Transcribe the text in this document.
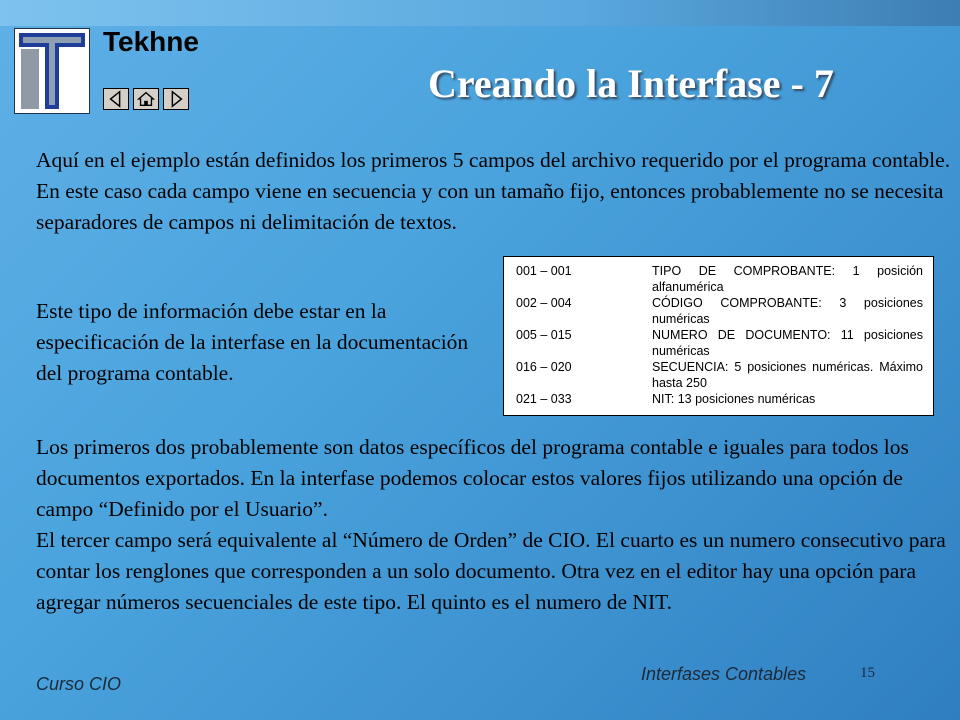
Tekhne
Creando la Interfase - 7

Aquí en el ejemplo están definidos los primeros 5 campos del archivo requerido por el programa contable. En este caso cada campo viene en secuencia y con un tamaño fijo, entonces probablemente no se necesita separadores de campos ni delimitación de textos.

Este tipo de información debe estar en la especificación de la interfase en la documentación del programa contable.

001 – 001	TIPO DE COMPROBANTE: 1 posición alfanumérica
002 – 004	CÓDIGO COMPROBANTE: 3 posiciones numéricas
005 – 015	NUMERO DE DOCUMENTO: 11 posiciones numéricas
016 – 020	SECUENCIA: 5 posiciones numéricas. Máximo hasta 250
021 – 033	NIT: 13 posiciones numéricas
Los primeros dos probablemente son datos específicos del programa contable e iguales para todos los documentos exportados. En la interfase podemos colocar estos valores fijos utilizando una opción de campo “Definido por el Usuario”.
El tercer campo será equivalente al “Número de Orden” de CIO. El cuarto es un numero consecutivo para contar los renglones que corresponden a un solo documento. Otra vez en el editor hay una opción para agregar números secuenciales de este tipo. El quinto es el numero de NIT.
Curso CIO	Interfases Contables	15
